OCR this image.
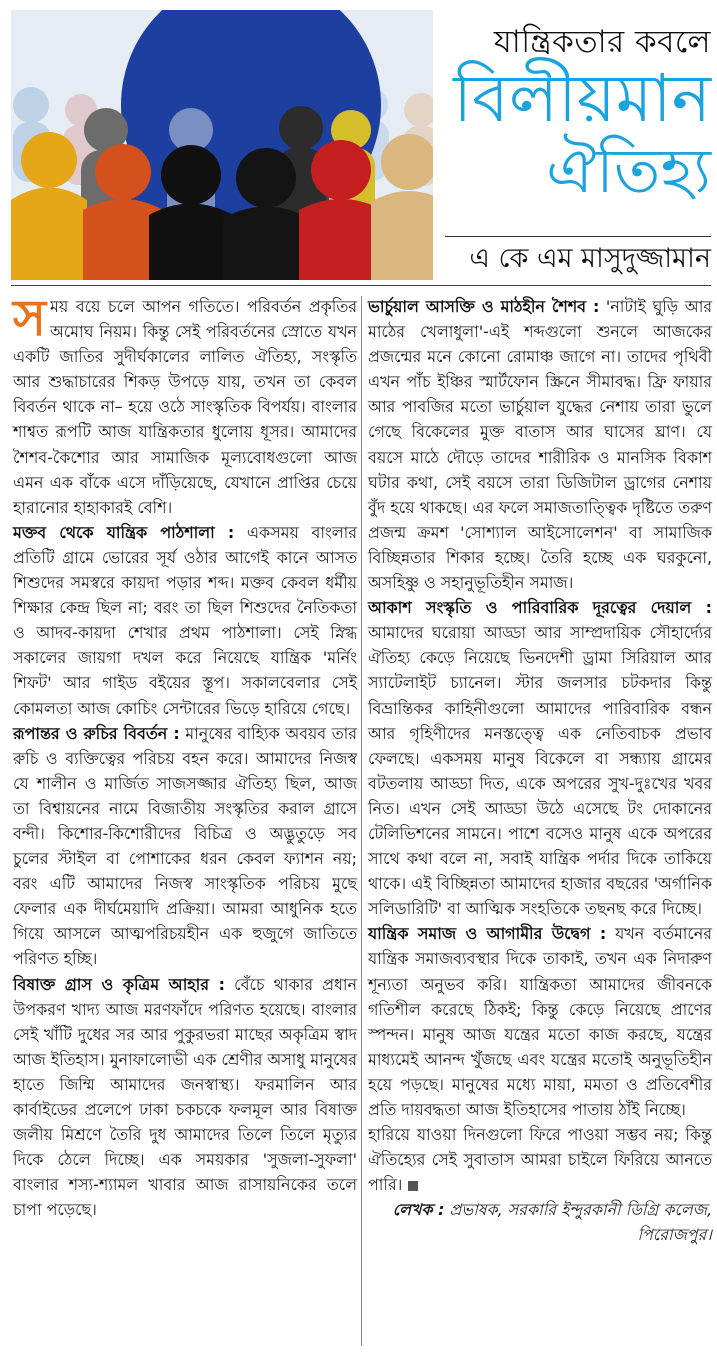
যান্ত্রিকতার কবলে
বিলীয়মান
ঐতিহ্য
এ কে এম মাসুদুজ্জামান

সময় বয়ে চলে আপন গতিতে। পরিবর্তন প্রকৃতির অমোঘ নিয়ম। কিন্তু সেই পরিবর্তনের স্রোতে যখন একটি জাতির সুদীর্ঘকালের লালিত ঐতিহ্য, সংস্কৃতি আর শুদ্ধাচারের শিকড় উপড়ে যায়, তখন তা কেবল বিবর্তন থাকে না– হয়ে ওঠে সাংস্কৃতিক বিপর্যয়। বাংলার শাশ্বত রূপটি আজ যান্ত্রিকতার ধুলোয় ধূসর। আমাদের শৈশব-কৈশোর আর সামাজিক মূল্যবোধগুলো আজ এমন এক বাঁকে এসে দাঁড়িয়েছে, যেখানে প্রাপ্তির চেয়ে হারানোর হাহাকারই বেশি।

মক্তব থেকে যান্ত্রিক পাঠশালা : একসময় বাংলার প্রতিটি গ্রামে ভোরের সূর্য ওঠার আগেই কানে আসত শিশুদের সমস্বরে কায়দা পড়ার শব্দ। মক্তব কেবল ধর্মীয় শিক্ষার কেন্দ্র ছিল না; বরং তা ছিল শিশুদের নৈতিকতা ও আদব-কায়দা শেখার প্রথম পাঠশালা। সেই স্নিগ্ধ সকালের জায়গা দখল করে নিয়েছে যান্ত্রিক 'মর্নিং শিফট' আর গাইড বইয়ের স্তূপ। সকালবেলার সেই কোমলতা আজ কোচিং সেন্টারের ভিড়ে হারিয়ে গেছে।

রূপান্তর ও রুচির বিবর্তন : মানুষের বাহ্যিক অবয়ব তার রুচি ও ব্যক্তিত্বের পরিচয় বহন করে। আমাদের নিজস্ব যে শালীন ও মার্জিত সাজসজ্জার ঐতিহ্য ছিল, আজ তা বিশ্বায়নের নামে বিজাতীয় সংস্কৃতির করাল গ্রাসে বন্দী। কিশোর-কিশোরীদের বিচিত্র ও অদ্ভুতুড়ে সব চুলের স্টাইল বা পোশাকের ধরন কেবল ফ্যাশন নয়; বরং এটি আমাদের নিজস্ব সাংস্কৃতিক পরিচয় মুছে ফেলার এক দীর্ঘমেয়াদি প্রক্রিয়া। আমরা আধুনিক হতে গিয়ে আসলে আত্মপরিচয়হীন এক হুজুগে জাতিতে পরিণত হচ্ছি।

বিষাক্ত গ্রাস ও কৃত্রিম আহার : বেঁচে থাকার প্রধান উপকরণ খাদ্য আজ মরণফাঁদে পরিণত হয়েছে। বাংলার সেই খাঁটি দুধের সর আর পুকুরভরা মাছের অকৃত্রিম স্বাদ আজ ইতিহাস। মুনাফালোভী এক শ্রেণীর অসাধু মানুষের হাতে জিম্মি আমাদের জনস্বাস্থ্য। ফরমালিন আর কার্বাইডের প্রলেপে ঢাকা চকচকে ফলমূল আর বিষাক্ত জলীয় মিশ্রণে তৈরি দুধ আমাদের তিলে তিলে মৃত্যুর দিকে ঠেলে দিচ্ছে। এক সময়কার 'সুজলা-সুফলা' বাংলার শস্য-শ্যামল খাবার আজ রাসায়নিকের তলে চাপা পড়েছে।

ভার্চুয়াল আসক্তি ও মাঠহীন শৈশব : 'নাটাই ঘুড়ি আর মাঠের খেলাধুলা'-এই শব্দগুলো শুনলে আজকের প্রজন্মের মনে কোনো রোমাঞ্চ জাগে না। তাদের পৃথিবী এখন পাঁচ ইঞ্চির স্মার্টফোন স্ক্রিনে সীমাবদ্ধ। ফ্রি ফায়ার আর পাবজির মতো ভার্চুয়াল যুদ্ধের নেশায় তারা ভুলে গেছে বিকেলের মুক্ত বাতাস আর ঘাসের ঘ্রাণ। যে বয়সে মাঠে দৌড়ে তাদের শারীরিক ও মানসিক বিকাশ ঘটার কথা, সেই বয়সে তারা ডিজিটাল ড্রাগের নেশায় বুঁদ হয়ে থাকছে। এর ফলে সমাজতাত্ত্বিক দৃষ্টিতে তরুণ প্রজন্ম ক্রমশ 'সোশ্যাল আইসোলেশন' বা সামাজিক বিচ্ছিন্নতার শিকার হচ্ছে। তৈরি হচ্ছে এক ঘরকুনো, অসহিষ্ণু ও সহানুভূতিহীন সমাজ।

আকাশ সংস্কৃতি ও পারিবারিক দূরত্বের দেয়াল : আমাদের ঘরোয়া আড্ডা আর সাম্প্রদায়িক সৌহার্দ্যের ঐতিহ্য কেড়ে নিয়েছে ভিনদেশী ড্রামা সিরিয়াল আর স্যাটেলাইট চ্যানেল। স্টার জলসার চটকদার কিন্তু বিভ্রান্তিকর কাহিনীগুলো আমাদের পারিবারিক বন্ধন আর গৃহিণীদের মনস্তত্ত্বে এক নেতিবাচক প্রভাব ফেলছে। একসময় মানুষ বিকেলে বা সন্ধ্যায় গ্রামের বটতলায় আড্ডা দিত, একে অপরের সুখ-দুঃখের খবর নিত। এখন সেই আড্ডা উঠে এসেছে টং দোকানের টেলিভিশনের সামনে। পাশে বসেও মানুষ একে অপরের সাথে কথা বলে না, সবাই যান্ত্রিক পর্দার দিকে তাকিয়ে থাকে। এই বিচ্ছিন্নতা আমাদের হাজার বছরের 'অর্গানিক সলিডারিটি' বা আত্মিক সংহতিকে তছনছ করে দিচ্ছে।

যান্ত্রিক সমাজ ও আগামীর উদ্বেগ : যখন বর্তমানের যান্ত্রিক সমাজব্যবস্থার দিকে তাকাই, তখন এক নিদারুণ শূন্যতা অনুভব করি। যান্ত্রিকতা আমাদের জীবনকে গতিশীল করেছে ঠিকই; কিন্তু কেড়ে নিয়েছে প্রাণের স্পন্দন। মানুষ আজ যন্ত্রের মতো কাজ করছে, যন্ত্রের মাধ্যমেই আনন্দ খুঁজছে এবং যন্ত্রের মতোই অনুভূতিহীন হয়ে পড়ছে। মানুষের মধ্যে মায়া, মমতা ও প্রতিবেশীর প্রতি দায়বদ্ধতা আজ ইতিহাসের পাতায় ঠাঁই নিচ্ছে।

হারিয়ে যাওয়া দিনগুলো ফিরে পাওয়া সম্ভব নয়; কিন্তু ঐতিহ্যের সেই সুবাতাস আমরা চাইলে ফিরিয়ে আনতে পারি।

লেখক : প্রভাষক, সরকারি ইন্দুরকানী ডিগ্রি কলেজ, পিরোজপুর।
